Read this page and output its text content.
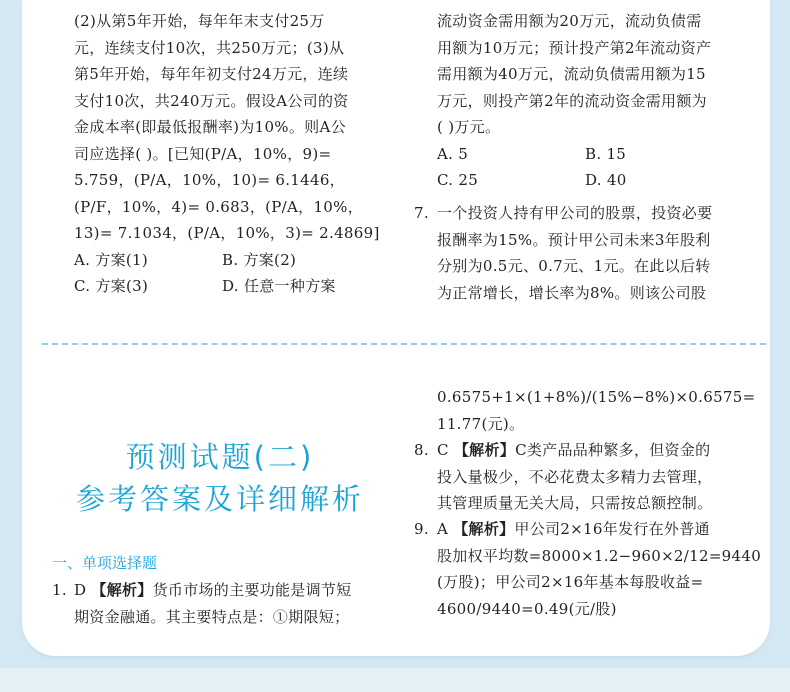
(2)从第5年开始，每年年末支付25万
元，连续支付10次，共250万元；(3)从
第5年开始，每年年初支付24万元，连续
支付10次，共240万元。假设A公司的资
金成本率(即最低报酬率)为10%。则A公
司应选择( )。[已知(P/A，10%，9)=
5.759，(P/A，10%，10)= 6.1446，
(P/F，10%，4)= 0.683，(P/A，10%，
13)= 7.1034，(P/A，10%，3)= 2.4869]
A. 方案(1)	B. 方案(2)
C. 方案(3)	D. 任意一种方案
流动资金需用额为20万元，流动负债需
用额为10万元；预计投产第2年流动资产
需用额为40万元，流动负债需用额为15
万元，则投产第2年的流动资金需用额为
( )万元。
A. 5	B. 15
C. 25	D. 40
7. 一个投资人持有甲公司的股票，投资必要
报酬率为15%。预计甲公司未来3年股利
分别为0.5元、0.7元、1元。在此以后转
为正常增长，增长率为8%。则该公司股
预测试题(二)
参考答案及详细解析
一、单项选择题
1. D 【解析】货币市场的主要功能是调节短
期资金融通。其主要特点是：①期限短；
0.6575+1×(1+8%)/(15%−8%)×0.6575=
11.77(元)。
8. C 【解析】C类产品品种繁多，但资金的
投入量极少，不必花费太多精力去管理，
其管理质量无关大局，只需按总额控制。
9. A 【解析】甲公司2×16年发行在外普通
股加权平均数=8000×1.2−960×2/12=9440
(万股)；甲公司2×16年基本每股收益=
4600/9440=0.49(元/股)
